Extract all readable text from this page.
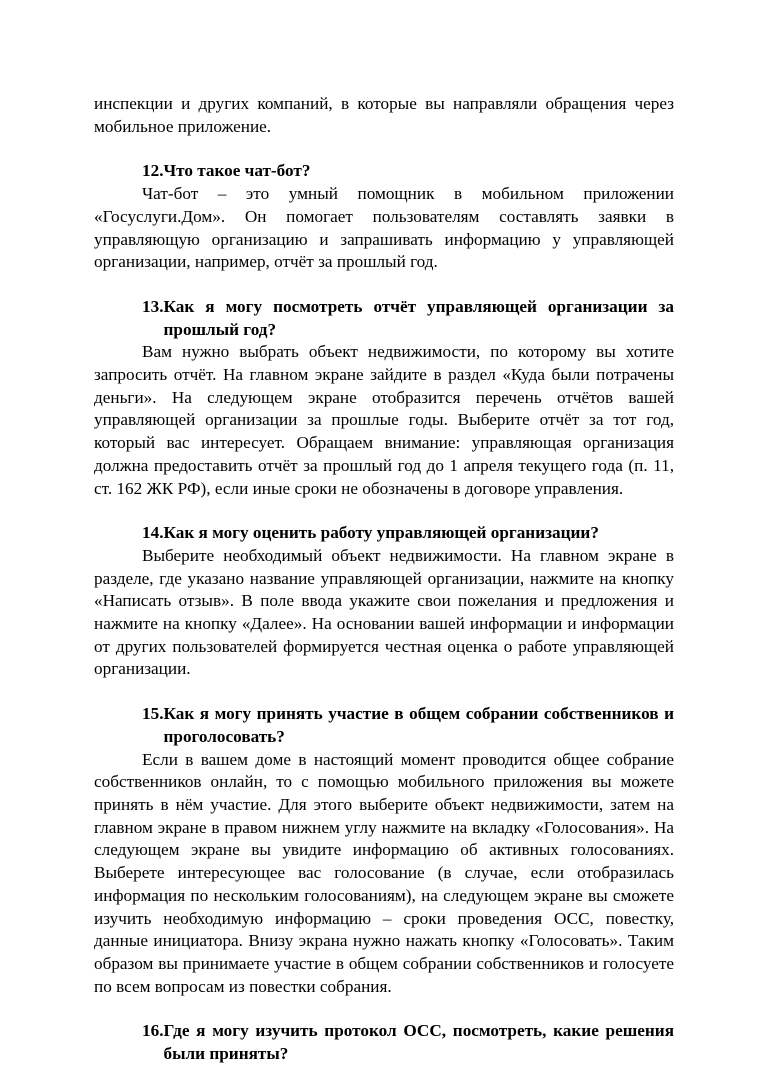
инспекции и других компаний, в которые вы направляли обращения через мобильное приложение.

12. Что такое чат-бот?

Чат-бот – это умный помощник в мобильном приложении «Госуслуги.Дом». Он помогает пользователям составлять заявки в управляющую организацию и запрашивать информацию у управляющей организации, например, отчёт за прошлый год.

13. Как я могу посмотреть отчёт управляющей организации за прошлый год?

Вам нужно выбрать объект недвижимости, по которому вы хотите запросить отчёт. На главном экране зайдите в раздел «Куда были потрачены деньги». На следующем экране отобразится перечень отчётов вашей управляющей организации за прошлые годы. Выберите отчёт за тот год, который вас интересует. Обращаем внимание: управляющая организация должна предоставить отчёт за прошлый год до 1 апреля текущего года (п. 11, ст. 162 ЖК РФ), если иные сроки не обозначены в договоре управления.

14. Как я могу оценить работу управляющей организации?

Выберите необходимый объект недвижимости. На главном экране в разделе, где указано название управляющей организации, нажмите на кнопку «Написать отзыв». В поле ввода укажите свои пожелания и предложения и нажмите на кнопку «Далее». На основании вашей информации и информации от других пользователей формируется честная оценка о работе управляющей организации.

15. Как я могу принять участие в общем собрании собственников и проголосовать?

Если в вашем доме в настоящий момент проводится общее собрание собственников онлайн, то с помощью мобильного приложения вы можете принять в нём участие. Для этого выберите объект недвижимости, затем на главном экране в правом нижнем углу нажмите на вкладку «Голосования». На следующем экране вы увидите информацию об активных голосованиях. Выберете интересующее вас голосование (в случае, если отобразилась информация по нескольким голосованиям), на следующем экране вы сможете изучить необходимую информацию – сроки проведения ОСС, повестку, данные инициатора. Внизу экрана нужно нажать кнопку «Голосовать». Таким образом вы принимаете участие в общем собрании собственников и голосуете по всем вопросам из повестки собрания.

16. Где я могу изучить протокол ОСС, посмотреть, какие решения были приняты?
